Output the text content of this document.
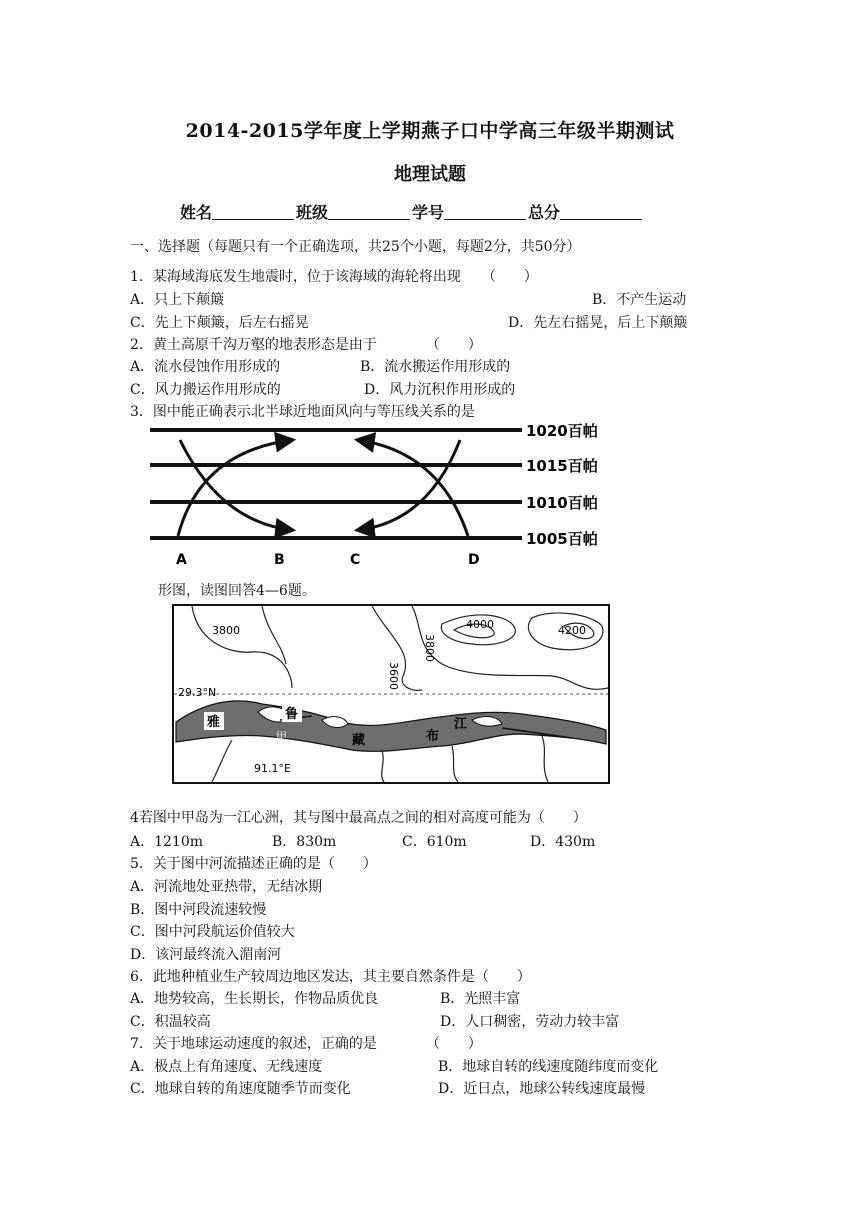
2014-2015学年度上学期燕子口中学高三年级半期测试
地理试题
姓名	班级	学号	总分
一、选择题（每题只有一个正确选项，共25个小题，每题2分，共50分）
1．某海域海底发生地震时，位于该海域的海轮将出现　　（　　）
A．只上下颠簸	B．不产生运动
C．先上下颠簸，后左右摇晃	D．先左右摇晃，后上下颠簸
2．黄土高原千沟万壑的地表形态是由于　　　　（　　）
A．流水侵蚀作用形成的	B．流水搬运作用形成的
C．风力搬运作用形成的	D．风力沉积作用形成的
3．图中能正确表示北半球近地面风向与等压线关系的是
1020百帕
1015百帕
1010百帕
1005百帕
A	B	C	D
形图，读图回答4—6题。
3800
3600
3800
4000	4200
29.3°N
91.1°E
雅
鲁
甲	藏	布
江
4若图中甲岛为一江心洲，其与图中最高点之间的相对高度可能为（　　）
A．1210m	B．830m	C．610m	D．430m
5．关于图中河流描述正确的是（　　）
A．河流地处亚热带，无结冰期
B．图中河段流速较慢
C．图中河段航运价值较大
D．该河最终流入湄南河
6．此地种植业生产较周边地区发达，其主要自然条件是（　　）
A．地势较高，生长期长，作物品质优良	B．光照丰富
C．积温较高	D．人口稠密，劳动力较丰富
7．关于地球运动速度的叙述，正确的是　　　　（　　）
A．极点上有角速度、无线速度	B．地球自转的线速度随纬度而变化
C．地球自转的角速度随季节而变化	D．近日点，地球公转线速度最慢
